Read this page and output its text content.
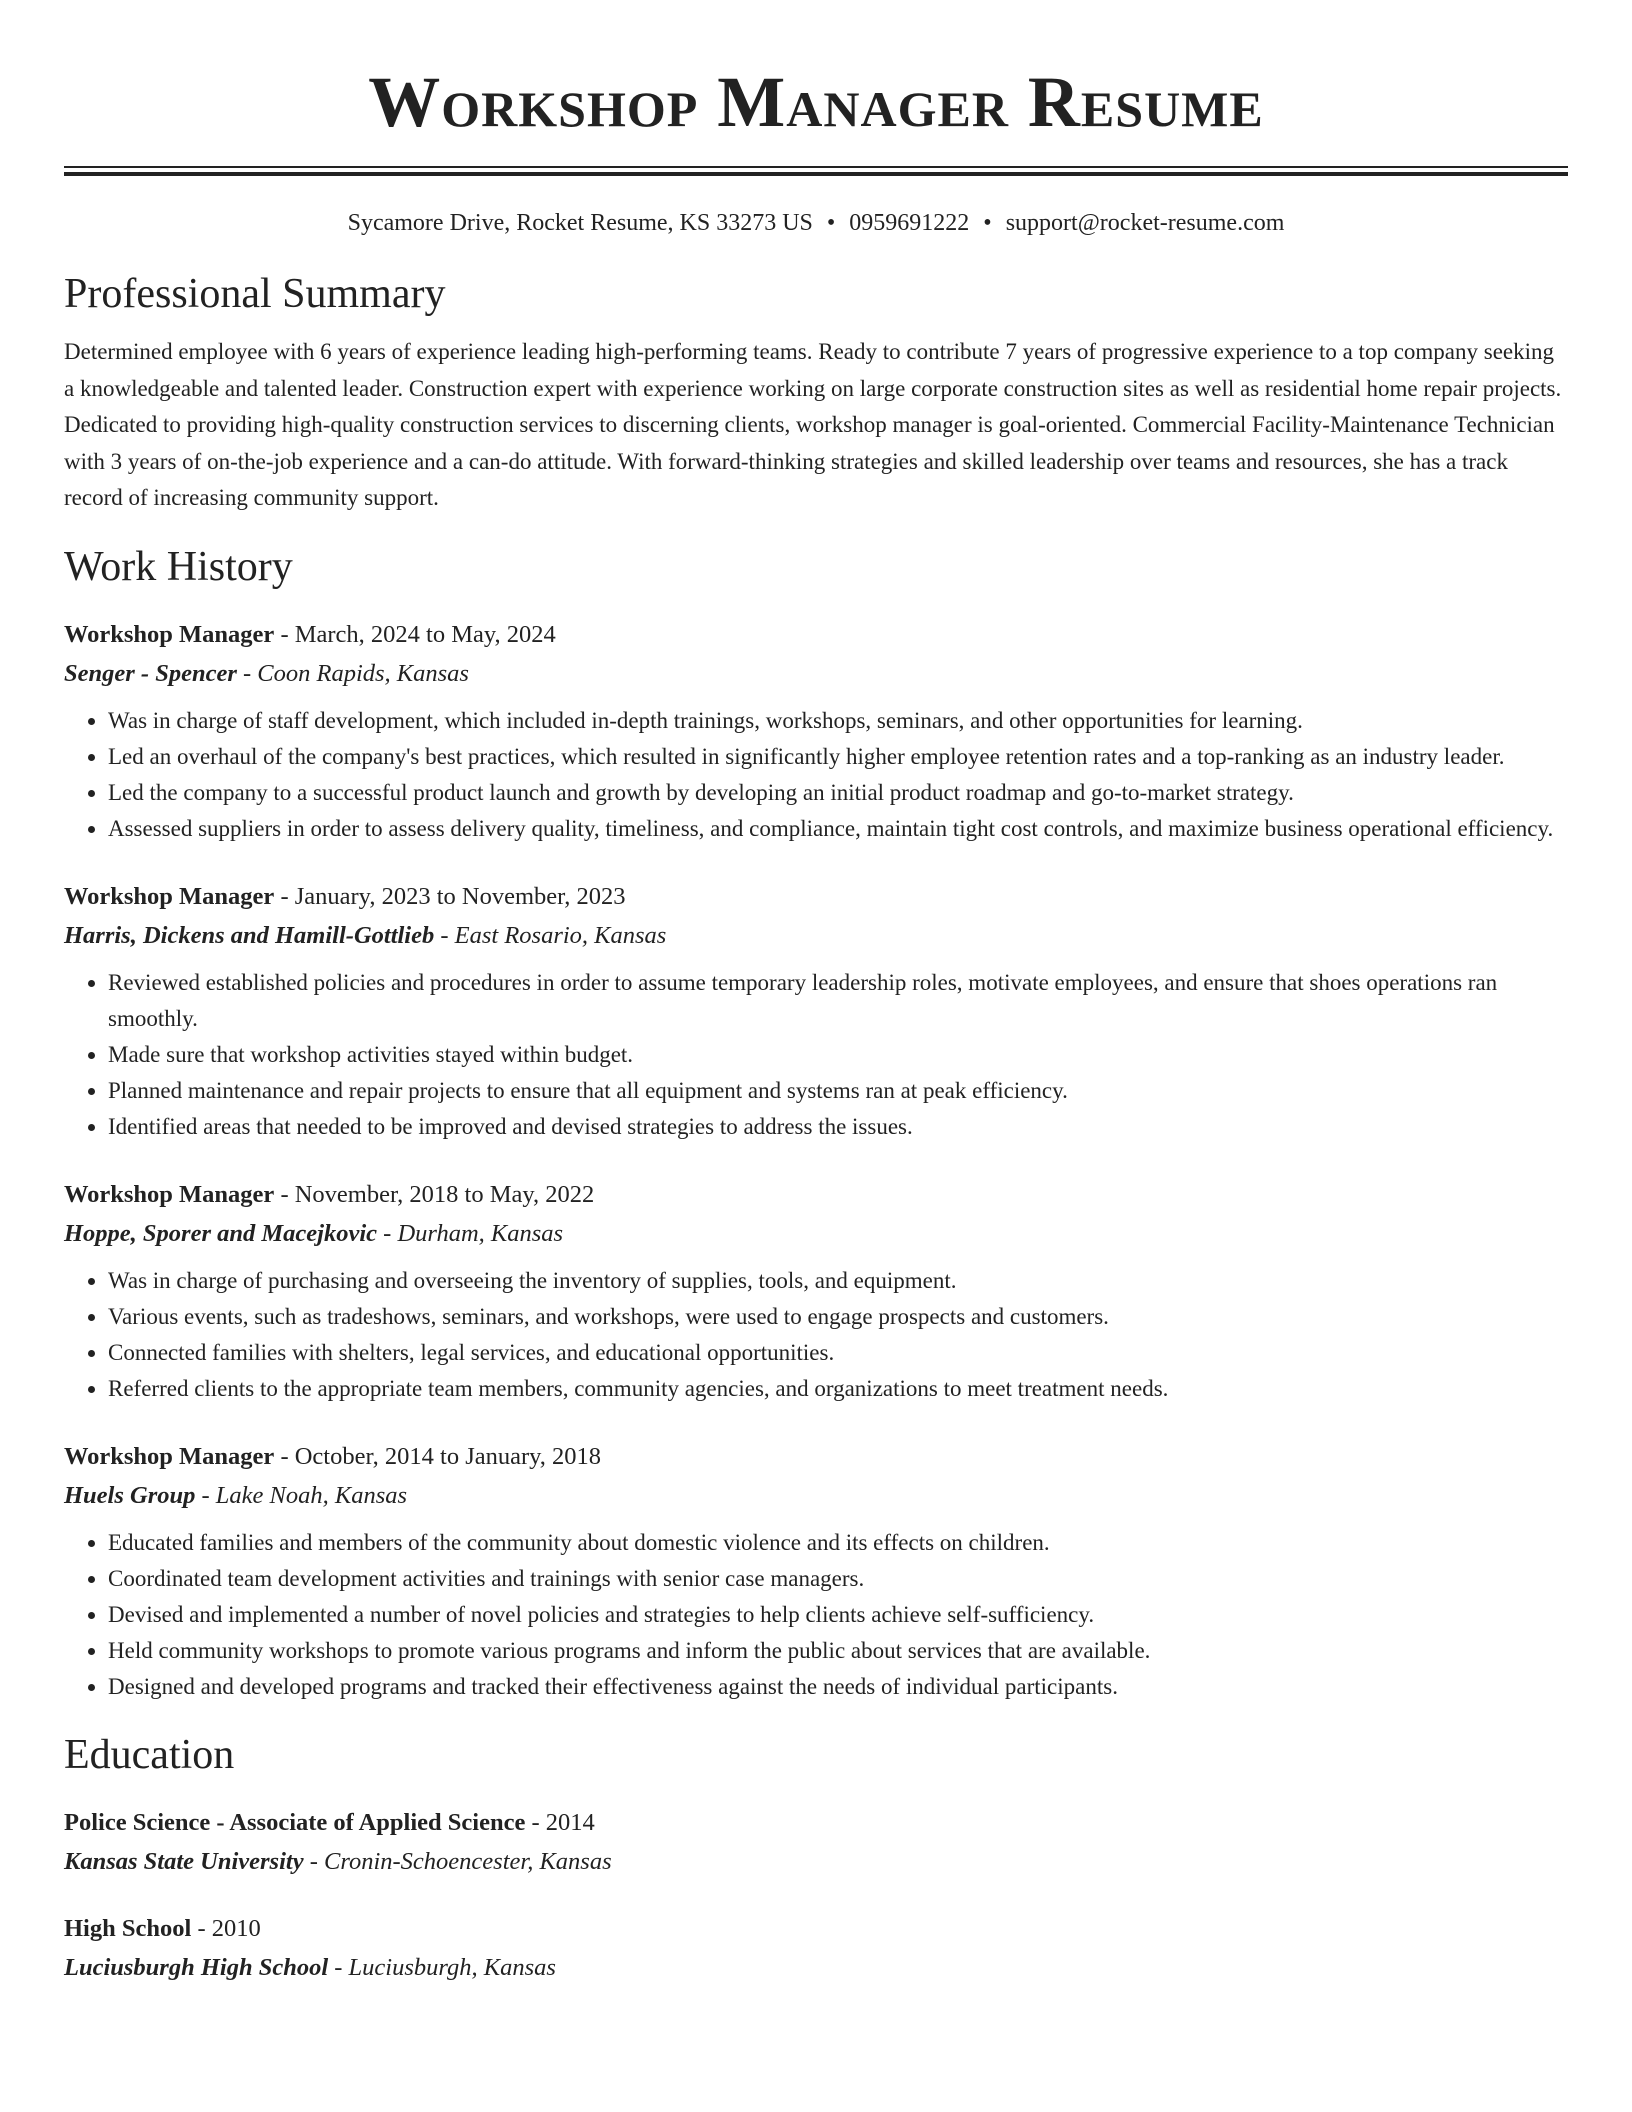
Workshop Manager Resume
Sycamore Drive, Rocket Resume, KS 33273 US • 0959691222 • support@rocket-resume.com
Professional Summary

Determined employee with 6 years of experience leading high-performing teams. Ready to contribute 7 years of progressive experience to a top company seeking a knowledgeable and talented leader. Construction expert with experience working on large corporate construction sites as well as residential home repair projects. Dedicated to providing high-quality construction services to discerning clients, workshop manager is goal-oriented. Commercial Facility-Maintenance Technician with 3 years of on-the-job experience and a can-do attitude. With forward-thinking strategies and skilled leadership over teams and resources, she has a track record of increasing community support.

Work History
Workshop Manager - March, 2024 to May, 2024
Senger - Spencer - Coon Rapids, Kansas
• Was in charge of staff development, which included in-depth trainings, workshops, seminars, and other opportunities for learning.
• Led an overhaul of the company's best practices, which resulted in significantly higher employee retention rates and a top-ranking as an industry leader.
• Led the company to a successful product launch and growth by developing an initial product roadmap and go-to-market strategy.
• Assessed suppliers in order to assess delivery quality, timeliness, and compliance, maintain tight cost controls, and maximize business operational efficiency.
Workshop Manager - January, 2023 to November, 2023
Harris, Dickens and Hamill-Gottlieb - East Rosario, Kansas
• Reviewed established policies and procedures in order to assume temporary leadership roles, motivate employees, and ensure that shoes operations ran smoothly.
• Made sure that workshop activities stayed within budget.
• Planned maintenance and repair projects to ensure that all equipment and systems ran at peak efficiency.
• Identified areas that needed to be improved and devised strategies to address the issues.
Workshop Manager - November, 2018 to May, 2022
Hoppe, Sporer and Macejkovic - Durham, Kansas
• Was in charge of purchasing and overseeing the inventory of supplies, tools, and equipment.
• Various events, such as tradeshows, seminars, and workshops, were used to engage prospects and customers.
• Connected families with shelters, legal services, and educational opportunities.
• Referred clients to the appropriate team members, community agencies, and organizations to meet treatment needs.
Workshop Manager - October, 2014 to January, 2018
Huels Group - Lake Noah, Kansas
• Educated families and members of the community about domestic violence and its effects on children.
• Coordinated team development activities and trainings with senior case managers.
• Devised and implemented a number of novel policies and strategies to help clients achieve self-sufficiency.
• Held community workshops to promote various programs and inform the public about services that are available.
• Designed and developed programs and tracked their effectiveness against the needs of individual participants.
Education
Police Science - Associate of Applied Science - 2014
Kansas State University - Cronin-Schoencester, Kansas
High School - 2010
Luciusburgh High School - Luciusburgh, Kansas
